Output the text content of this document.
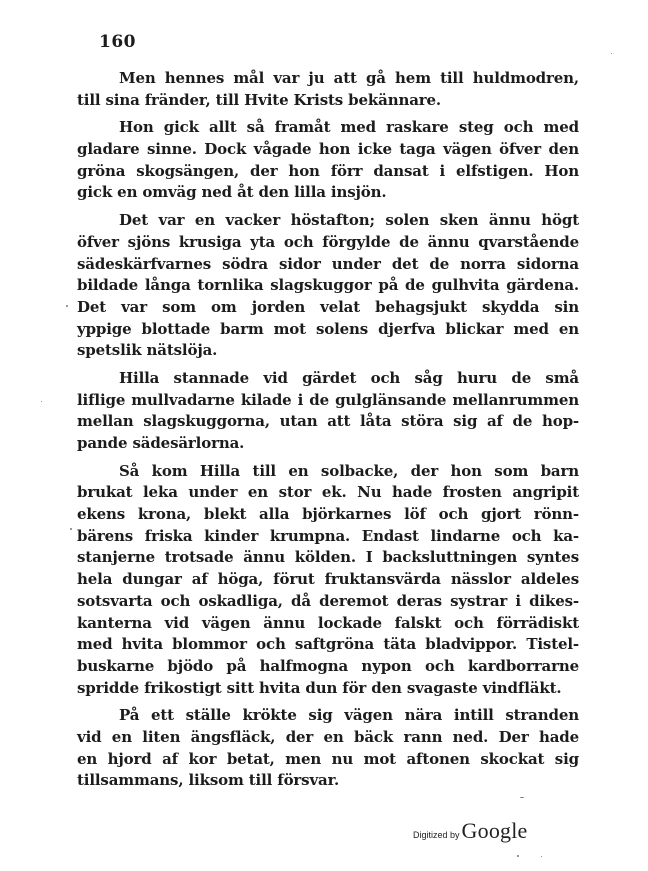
160
Men hennes mål var ju att gå hem till huldmodren,
till sina fränder, till Hvite Krists bekännare.
Hon gick allt så framåt med raskare steg och med
gladare sinne. Dock vågade hon icke taga vägen öfver den
gröna skogsängen, der hon förr dansat i elfstigen. Hon
gick en omväg ned åt den lilla insjön.
Det var en vacker höstafton; solen sken ännu högt
öfver sjöns krusiga yta och förgylde de ännu qvarstående
sädeskärfvarnes södra sidor under det de norra sidorna
bildade långa tornlika slagskuggor på de gulhvita gärdena.
Det var som om jorden velat behagsjukt skydda sin
yppige blottade barm mot solens djerfva blickar med en
spetslik nätslöja.
Hilla stannade vid gärdet och såg huru de små
liflige mullvadarne kilade i de gulglänsande mellanrummen
mellan slagskuggorna, utan att låta störa sig af de hop-
pande sädesärlorna.
Så kom Hilla till en solbacke, der hon som barn
brukat leka under en stor ek. Nu hade frosten angripit
ekens krona, blekt alla björkarnes löf och gjort rönn-
bärens friska kinder krumpna. Endast lindarne och ka-
stanjerne trotsade ännu kölden. I backsluttningen syntes
hela dungar af höga, förut fruktansvärda nässlor aldeles
sotsvarta och oskadliga, då deremot deras systrar i dikes-
kanterna vid vägen ännu lockade falskt och förrädiskt
med hvita blommor och saftgröna täta bladvippor. Tistel-
buskarne bjödo på halfmogna nypon och kardborrarne
spridde frikostigt sitt hvita dun för den svagaste vindfläkt.
På ett ställe krökte sig vägen nära intill stranden
vid en liten ängsfläck, der en bäck rann ned. Der hade
en hjord af kor betat, men nu mot aftonen skockat sig
tillsammans, liksom till försvar.
Digitized by Google
